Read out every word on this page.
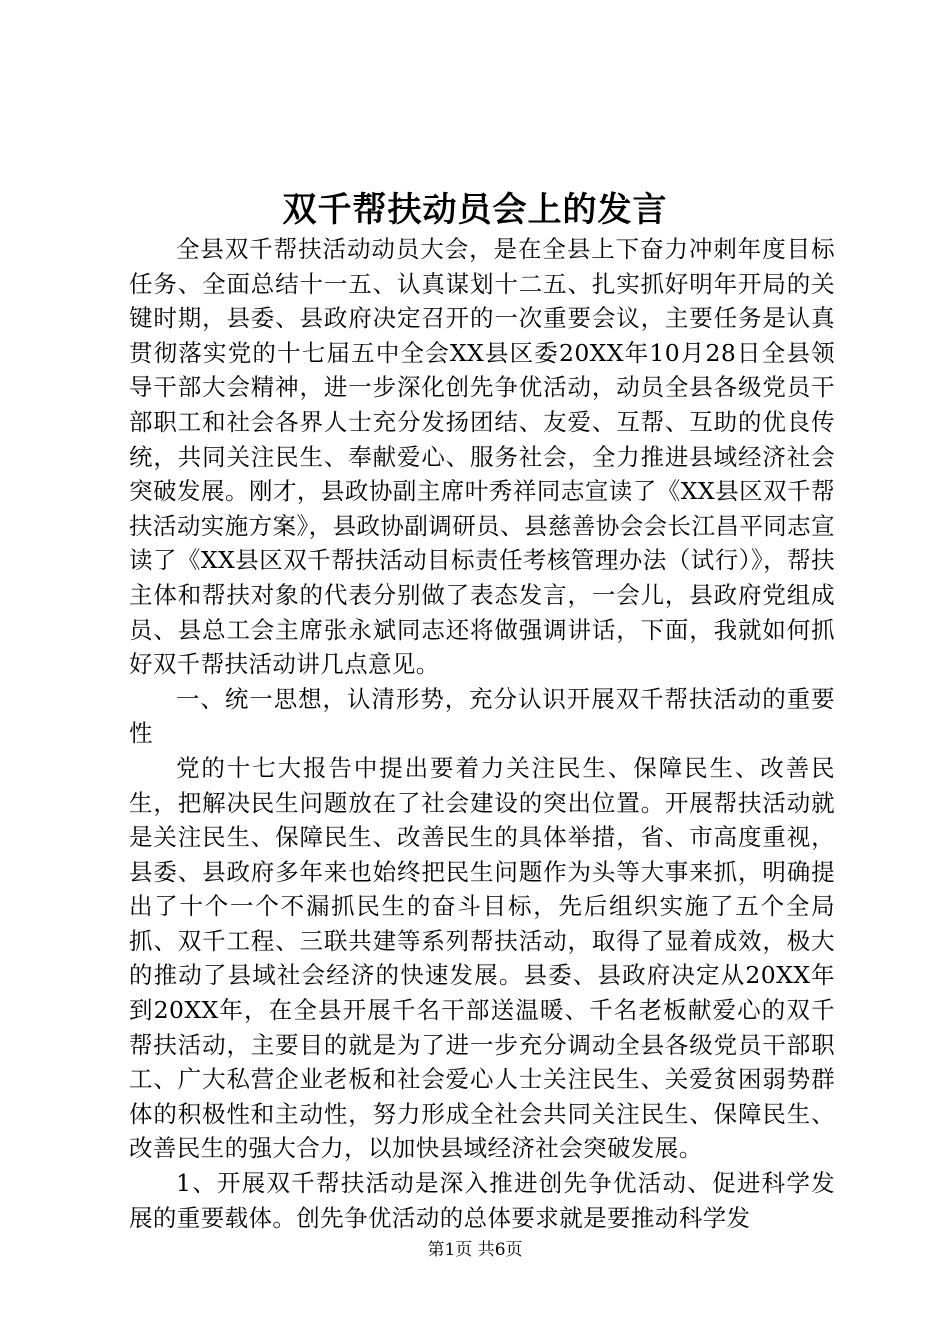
双千帮扶动员会上的发言

全县双千帮扶活动动员大会，是在全县上下奋力冲刺年度目标任务、全面总结十一五、认真谋划十二五、扎实抓好明年开局的关键时期，县委、县政府决定召开的一次重要会议，主要任务是认真贯彻落实党的十七届五中全会XX县区委20XX年10月28日全县领导干部大会精神，进一步深化创先争优活动，动员全县各级党员干部职工和社会各界人士充分发扬团结、友爱、互帮、互助的优良传统，共同关注民生、奉献爱心、服务社会，全力推进县域经济社会突破发展。刚才，县政协副主席叶秀祥同志宣读了《XX县区双千帮扶活动实施方案》，县政协副调研员、县慈善协会会长江昌平同志宣读了《XX县区双千帮扶活动目标责任考核管理办法（试行）》，帮扶主体和帮扶对象的代表分别做了表态发言，一会儿，县政府党组成员、县总工会主席张永斌同志还将做强调讲话，下面，我就如何抓好双千帮扶活动讲几点意见。

一、统一思想，认清形势，充分认识开展双千帮扶活动的重要性

党的十七大报告中提出要着力关注民生、保障民生、改善民生，把解决民生问题放在了社会建设的突出位置。开展帮扶活动就是关注民生、保障民生、改善民生的具体举措，省、市高度重视，县委、县政府多年来也始终把民生问题作为头等大事来抓，明确提出了十个一个不漏抓民生的奋斗目标，先后组织实施了五个全局抓、双千工程、三联共建等系列帮扶活动，取得了显着成效，极大的推动了县域社会经济的快速发展。县委、县政府决定从20XX年到20XX年，在全县开展千名干部送温暖、千名老板献爱心的双千帮扶活动，主要目的就是为了进一步充分调动全县各级党员干部职工、广大私营企业老板和社会爱心人士关注民生、关爱贫困弱势群体的积极性和主动性，努力形成全社会共同关注民生、保障民生、改善民生的强大合力，以加快县域经济社会突破发展。

1、开展双千帮扶活动是深入推进创先争优活动、促进科学发展的重要载体。创先争优活动的总体要求就是要推动科学发

第1页 共6页
